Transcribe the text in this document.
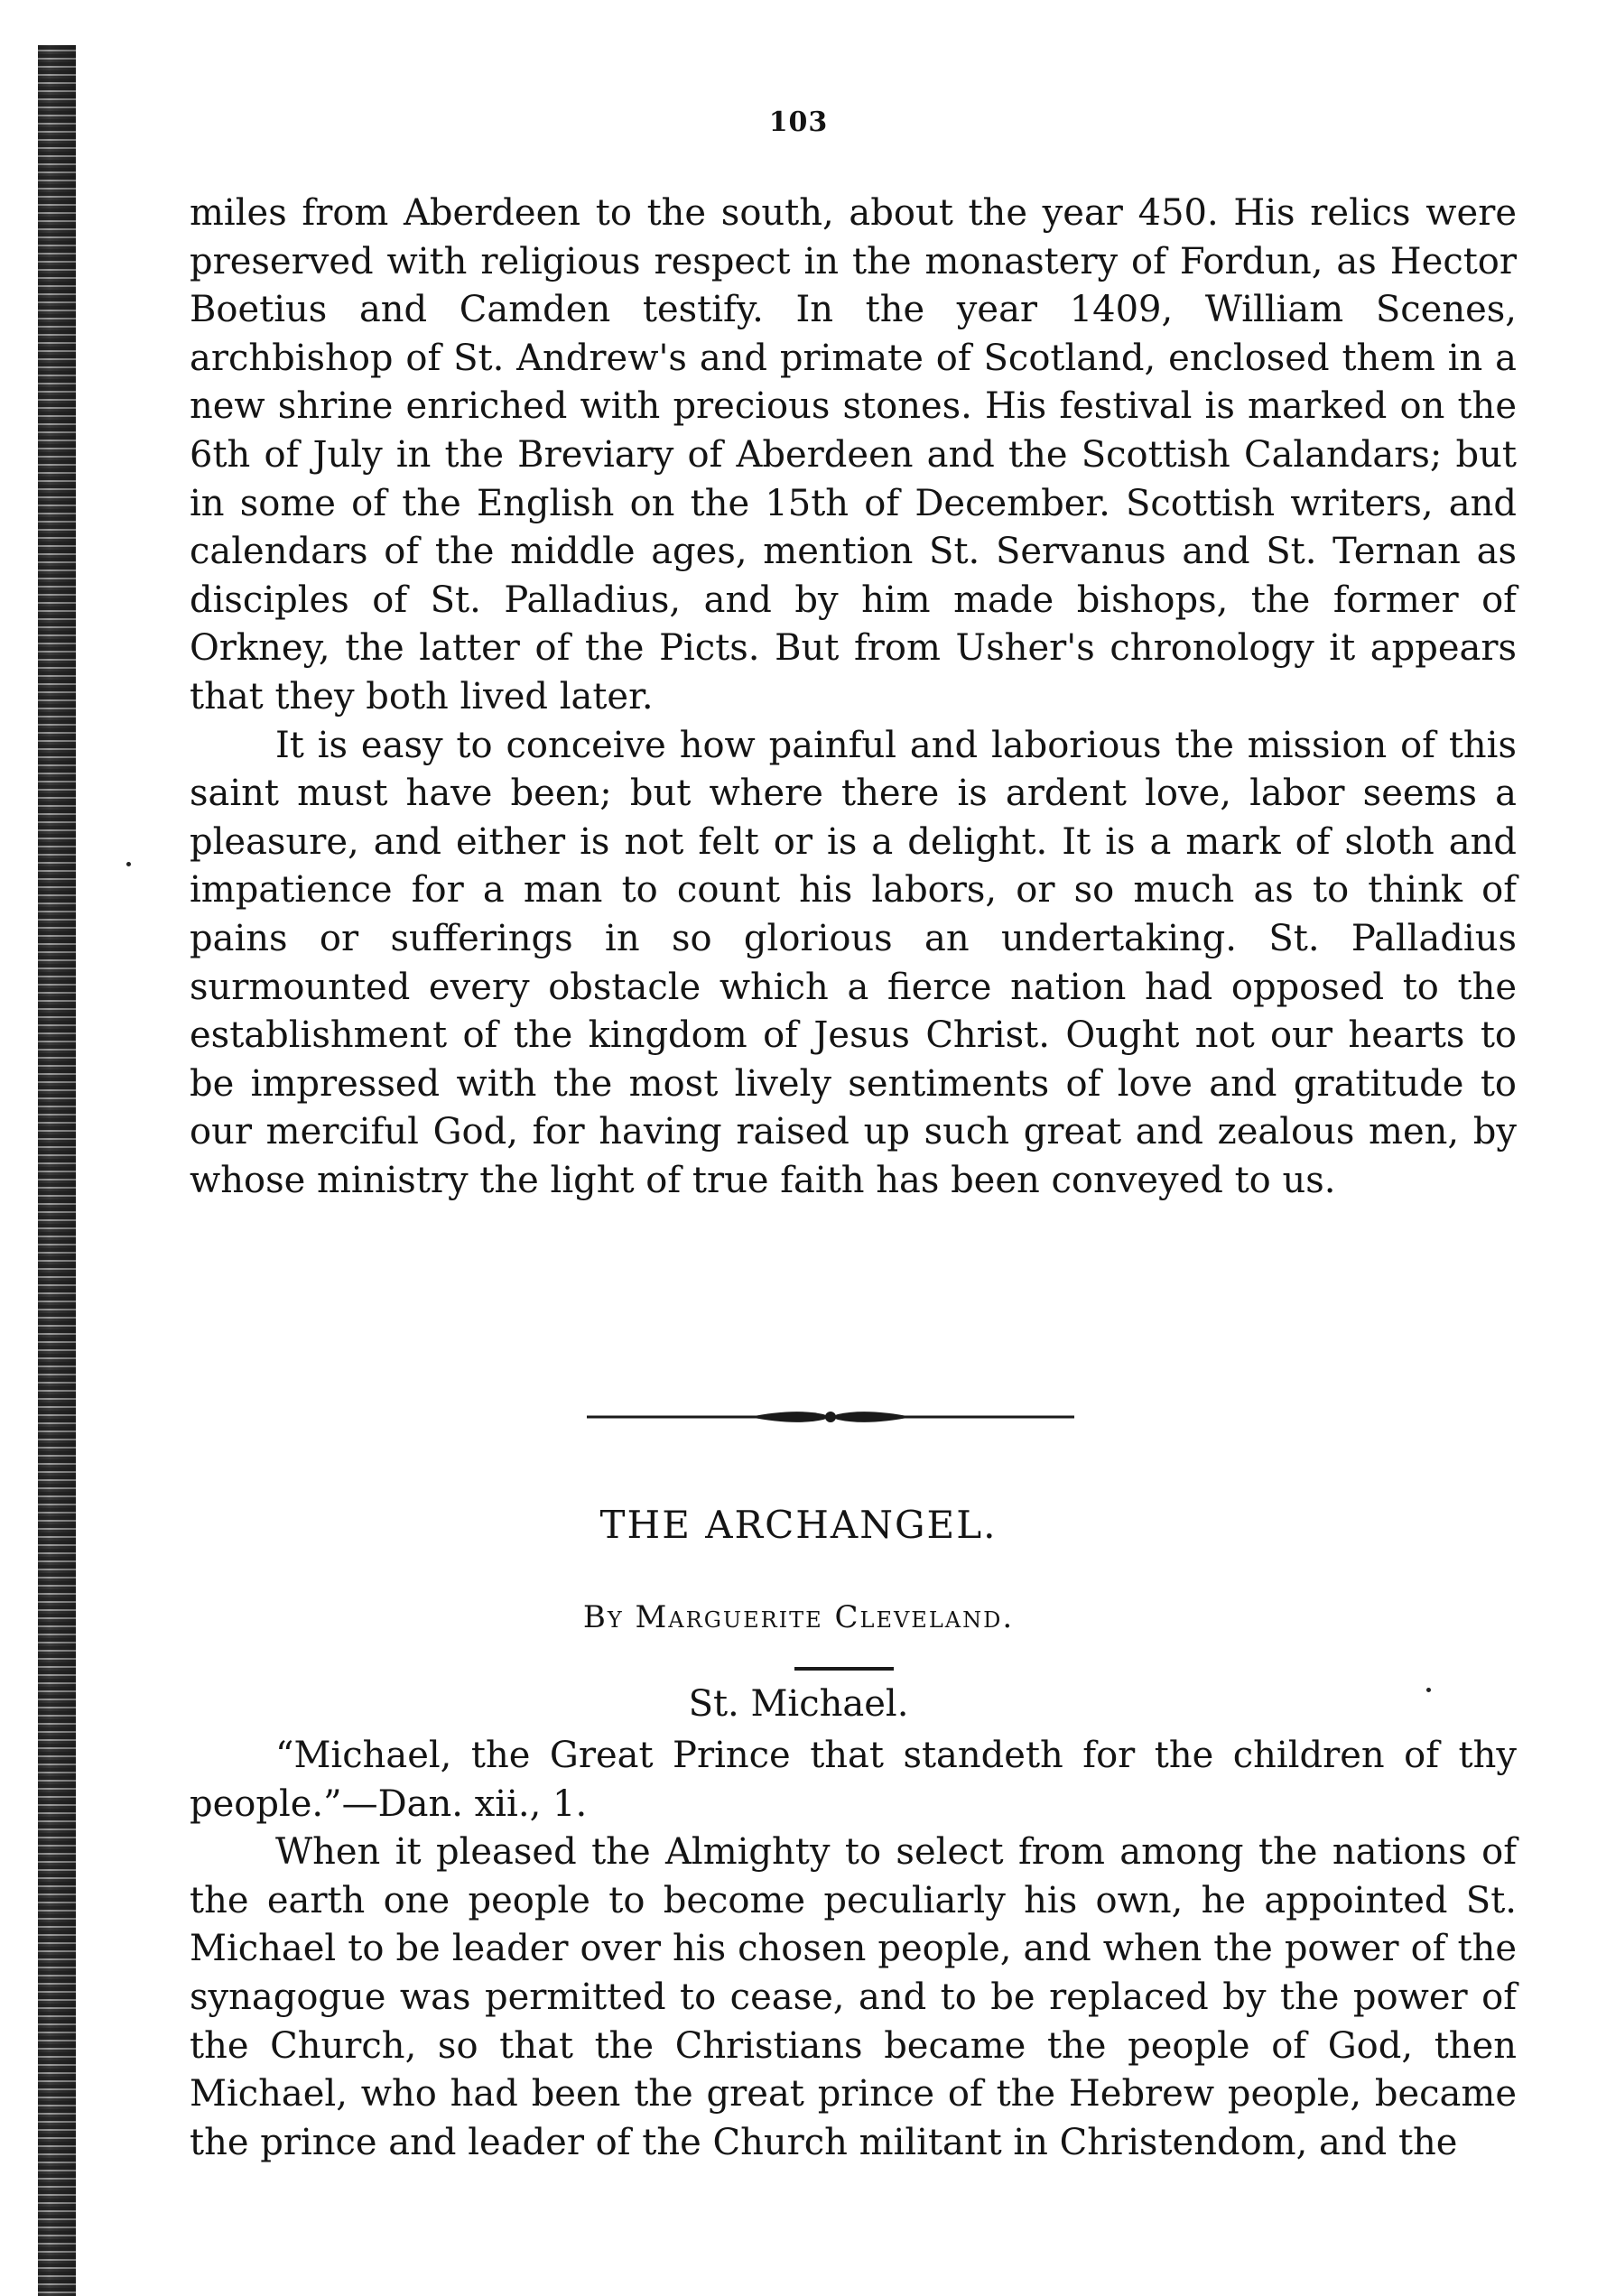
103

miles from Aberdeen to the south, about the year 450. His relics were preserved with religious respect in the monastery of Fordun, as Hector Boetius and Camden testify. In the year 1409, William Scenes, archbishop of St. Andrew's and primate of Scotland, enclosed them in a new shrine enriched with precious stones. His festival is marked on the 6th of July in the Breviary of Aberdeen and the Scottish Calandars; but in some of the English on the 15th of December. Scottish writers, and calendars of the middle ages, mention St. Servanus and St. Ternan as disciples of St. Palladius, and by him made bishops, the former of Orkney, the latter of the Picts. But from Usher's chronology it appears that they both lived later.

It is easy to conceive how painful and laborious the mission of this saint must have been; but where there is ardent love, labor seems a pleasure, and either is not felt or is a delight. It is a mark of sloth and impatience for a man to count his labors, or so much as to think of pains or sufferings in so glorious an undertaking. St. Palladius surmounted every obstacle which a fierce nation had opposed to the establishment of the kingdom of Jesus Christ. Ought not our hearts to be impressed with the most lively sentiments of love and gratitude to our merciful God, for having raised up such great and zealous men, by whose ministry the light of true faith has been conveyed to us.

THE ARCHANGEL.
By Marguerite Cleveland.
St. Michael.

“Michael, the Great Prince that standeth for the children of thy people.”—Dan. xii., 1.

When it pleased the Almighty to select from among the nations of the earth one people to become peculiarly his own, he appointed St. Michael to be leader over his chosen people, and when the power of the synagogue was permitted to cease, and to be replaced by the power of the Church, so that the Christians became the people of God, then Michael, who had been the great prince of the Hebrew people, became the prince and leader of the Church militant in Christendom, and the
